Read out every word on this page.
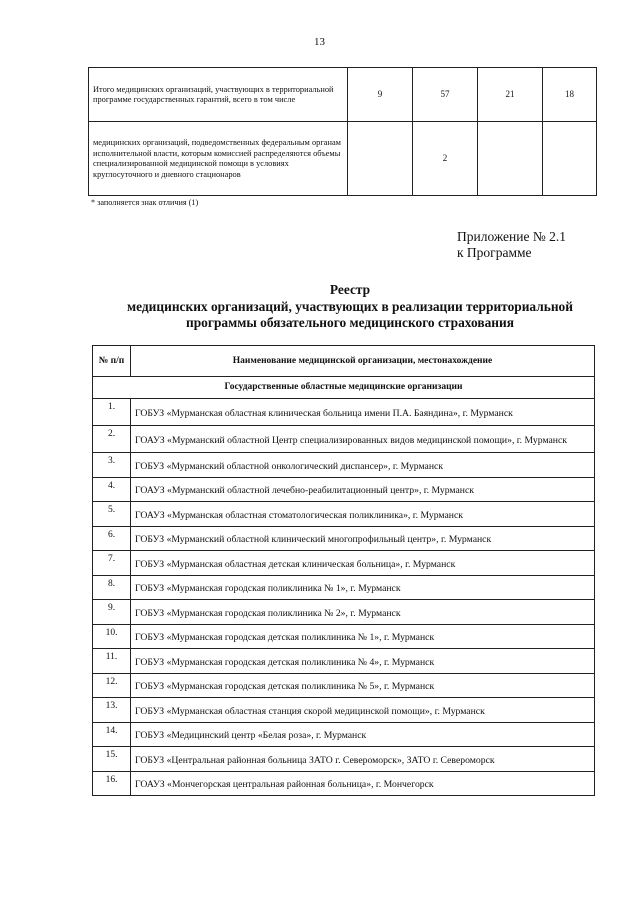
13
Итого медицинских организаций, участвующих в территориальной программе государственных гарантий, всего в том числе	9	57	21	18
медицинских организаций, подведомственных федеральным органам исполнительной власти, которым комиссией распределяются объемы специализированной медицинской помощи в условиях круглосуточного и дневного стационаров		2		
* заполняется знак отличия (1)
Приложение № 2.1
к Программе
Реестр
медицинских организаций, участвующих в реализации территориальной
программы обязательного медицинского страхования
№ п/п	Наименование медицинской организации, местонахождение
Государственные областные медицинские организации	
1.	ГОБУЗ «Мурманская областная клиническая больница имени П.А. Баяндина», г. Мурманск
2.	ГОАУЗ «Мурманский областной Центр специализированных видов медицинской помощи», г. Мурманск
3.	ГОБУЗ «Мурманский областной онкологический диспансер», г. Мурманск
4.	ГОАУЗ «Мурманский областной лечебно-реабилитационный центр», г. Мурманск
5.	ГОАУЗ «Мурманская областная стоматологическая поликлиника», г. Мурманск
6.	ГОБУЗ «Мурманский областной клинический многопрофильный центр», г. Мурманск
7.	ГОБУЗ «Мурманская областная детская клиническая больница», г. Мурманск
8.	ГОБУЗ «Мурманская городская поликлиника № 1», г. Мурманск
9.	ГОБУЗ «Мурманская городская поликлиника № 2», г. Мурманск
10.	ГОБУЗ «Мурманская городская детская поликлиника № 1», г. Мурманск
11.	ГОБУЗ «Мурманская городская детская поликлиника № 4», г. Мурманск
12.	ГОБУЗ «Мурманская городская детская поликлиника № 5», г. Мурманск
13.	ГОБУЗ «Мурманская областная станция скорой медицинской помощи», г. Мурманск
14.	ГОБУЗ «Медицинский центр «Белая роза», г. Мурманск
15.	ГОБУЗ «Центральная районная больница ЗАТО г. Североморск», ЗАТО г. Североморск
16.	ГОАУЗ «Мончегорская центральная районная больница», г. Мончегорск
